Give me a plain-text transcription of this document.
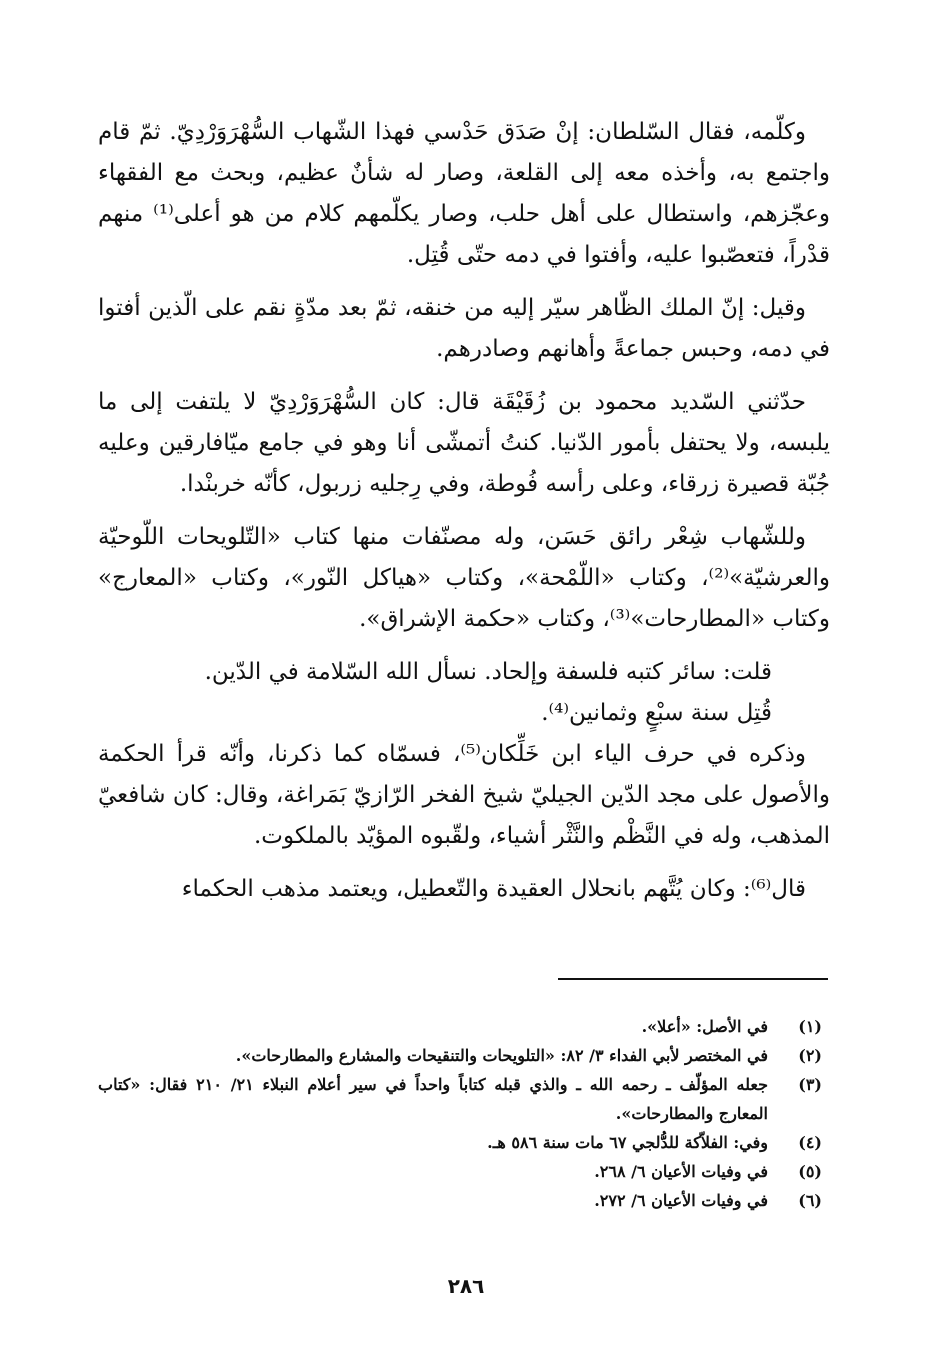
وكلّمه، فقال السّلطان: إنْ صَدَق حَدْسي فهذا الشّهاب السُّهْرَوَرْدِيّ. ثمّ قام واجتمع به، وأخذه معه إلى القلعة، وصار له شأنٌ عظيم، وبحث مع الفقهاء وعجّزهم، واستطال على أهل حلب، وصار يكلّمهم كلام من هو أعلى⁽¹⁾ منهم قدْراً، فتعصّبوا عليه، وأفتوا في دمه حتّى قُتِل.

وقيل: إنّ الملك الظّاهر سيّر إليه من خنقه، ثمّ بعد مدّةٍ نقم على الّذين أفتوا في دمه، وحبس جماعةً وأهانهم وصادرهم.

حدّثني السّديد محمود بن زُقَيْقَة قال: كان السُّهْرَوَرْدِيّ لا يلتفت إلى ما يلبسه، ولا يحتفل بأمور الدّنيا. كنتُ أتمشّى أنا وهو في جامع ميّافارقين وعليه جُبّة قصيرة زرقاء، وعلى رأسه فُوطة، وفي رِجليه زربول، كأنّه خربنْدا.

وللشّهاب شِعْر رائق حَسَن، وله مصنّفات منها كتاب «التّلويحات اللّوحيّة والعرشيّة»⁽²⁾، وكتاب «اللّمْحة»، وكتاب «هياكل النّور»، وكتاب «المعارج» وكتاب «المطارحات»⁽³⁾، وكتاب «حكمة الإشراق».

قلت: سائر كتبه فلسفة وإلحاد. نسأل الله السّلامة في الدّين.

قُتِل سنة سبْعٍ وثمانين⁽⁴⁾.

وذكره في حرف الياء ابن خَلِّكان⁽⁵⁾، فسمّاه كما ذكرنا، وأنّه قرأ الحكمة والأصول على مجد الدّين الجيليّ شيخ الفخر الرّازيّ بَمَراغة، وقال: كان شافعيّ المذهب، وله في النَّظْم والنَّثْر أشياء، ولقّبوه المؤيّد بالملكوت.

قال⁽⁶⁾: وكان يُتَّهم بانحلال العقيدة والتّعطيل، ويعتمد مذهب الحكماء

(١)
في الأصل: «أعلا».
(٢)
في المختصر لأبي الفداء ٣/ ٨٢: «التلويحات والتنقيحات والمشارع والمطارحات».
(٣)
جعله المؤلّف ـ رحمه الله ـ والذي قبله كتاباً واحداً في سير أعلام النبلاء ٢١/ ٢١٠ فقال: «كتاب المعارج والمطارحات».
(٤)
وفي: الفلاّكة للدُّلجي ٦٧ مات سنة ٥٨٦ هـ.
(٥)
في وفيات الأعيان ٦/ ٢٦٨.
(٦)
في وفيات الأعيان ٦/ ٢٧٢.
٢٨٦
